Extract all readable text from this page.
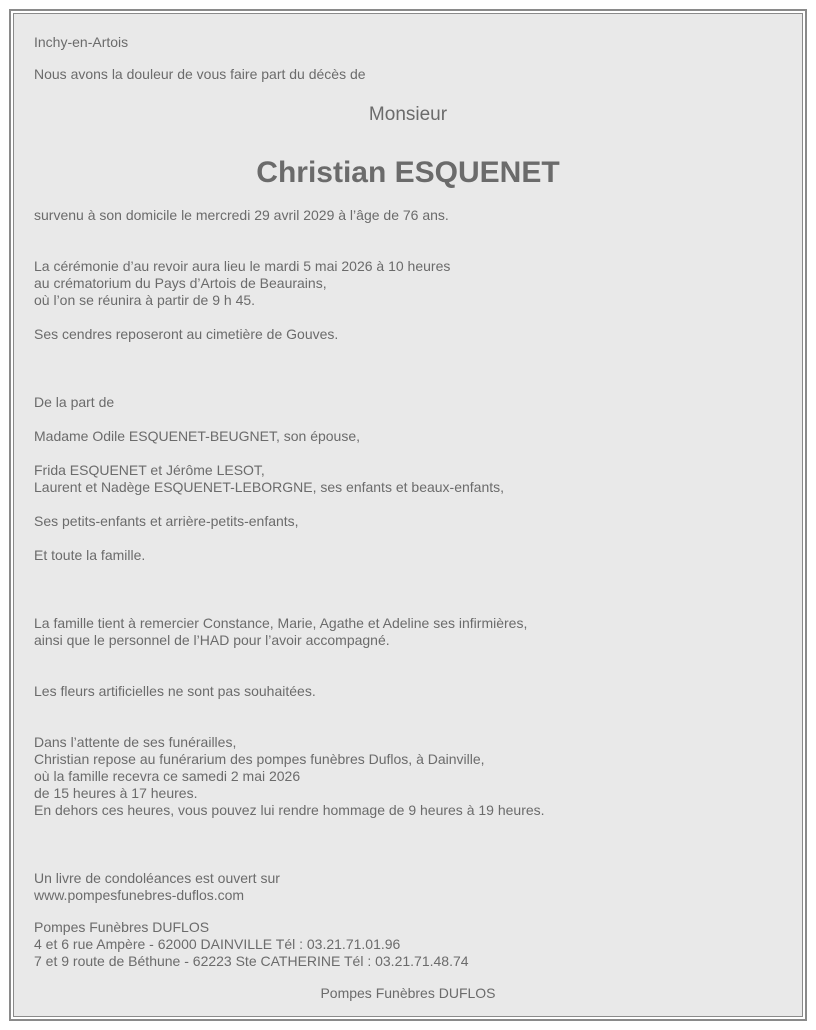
Inchy-en-Artois

Nous avons la douleur de vous faire part du décès de

Monsieur

Christian ESQUENET

survenu à son domicile le mercredi 29 avril 2029 à l’âge de 76 ans.

La cérémonie d’au revoir aura lieu le mardi 5 mai 2026 à 10 heures

au crématorium du Pays d’Artois de Beaurains,

où l’on se réunira à partir de 9 h 45.

Ses cendres reposeront au cimetière de Gouves.

De la part de

Madame Odile ESQUENET-BEUGNET, son épouse,

Frida ESQUENET et Jérôme LESOT,

Laurent et Nadège ESQUENET-LEBORGNE, ses enfants et beaux-enfants,

Ses petits-enfants et arrière-petits-enfants,

Et toute la famille.

La famille tient à remercier Constance, Marie, Agathe et Adeline ses infirmières,

ainsi que le personnel de l’HAD pour l’avoir accompagné.

Les fleurs artificielles ne sont pas souhaitées.

Dans l’attente de ses funérailles,

Christian repose au funérarium des pompes funèbres Duflos, à Dainville,

où la famille recevra ce samedi 2 mai 2026

de 15 heures à 17 heures.

En dehors ces heures, vous pouvez lui rendre hommage de 9 heures à 19 heures.

Un livre de condoléances est ouvert sur

www.pompesfunebres-duflos.com

Pompes Funèbres DUFLOS

4 et 6 rue Ampère - 62000 DAINVILLE Tél : 03.21.71.01.96

7 et 9 route de Béthune - 62223 Ste CATHERINE Tél : 03.21.71.48.74

Pompes Funèbres DUFLOS
